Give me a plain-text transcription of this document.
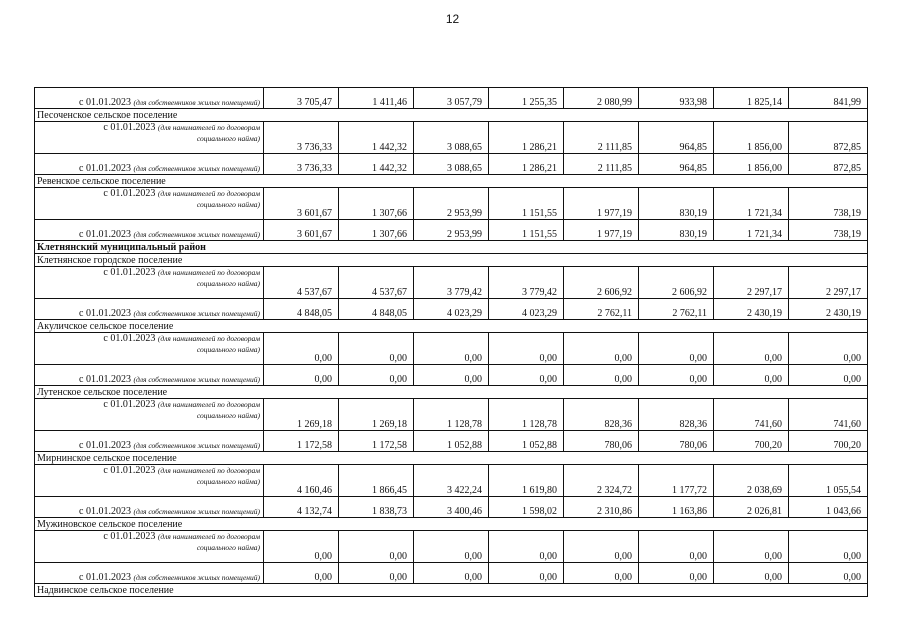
12
с 01.01.2023 (для собственников жилых помещений)	3 705,47	1 411,46	3 057,79	1 255,35	2 080,99	933,98	1 825,14	841,99
Песоченское сельское поселение								

с 01.01.2023 (для нанимателей по договорам
социального найма)	3 736,33	1 442,32	3 088,65	1 286,21	2 111,85	964,85	1 856,00	872,85
с 01.01.2023 (для собственников жилых помещений)	3 736,33	1 442,32	3 088,65	1 286,21	2 111,85	964,85	1 856,00	872,85
Ревенское сельское поселение								

с 01.01.2023 (для нанимателей по договорам
социального найма)	3 601,67	1 307,66	2 953,99	1 151,55	1 977,19	830,19	1 721,34	738,19
с 01.01.2023 (для собственников жилых помещений)	3 601,67	1 307,66	2 953,99	1 151,55	1 977,19	830,19	1 721,34	738,19
Клетнянский муниципальный район								
Клетнянское городское поселение								

с 01.01.2023 (для нанимателей по договорам
социального найма)	4 537,67	4 537,67	3 779,42	3 779,42	2 606,92	2 606,92	2 297,17	2 297,17
с 01.01.2023 (для собственников жилых помещений)	4 848,05	4 848,05	4 023,29	4 023,29	2 762,11	2 762,11	2 430,19	2 430,19
Акуличское сельское поселение								

с 01.01.2023 (для нанимателей по договорам
социального найма)	0,00	0,00	0,00	0,00	0,00	0,00	0,00	0,00
с 01.01.2023 (для собственников жилых помещений)	0,00	0,00	0,00	0,00	0,00	0,00	0,00	0,00
Лутенское сельское поселение								

с 01.01.2023 (для нанимателей по договорам
социального найма)	1 269,18	1 269,18	1 128,78	1 128,78	828,36	828,36	741,60	741,60
с 01.01.2023 (для собственников жилых помещений)	1 172,58	1 172,58	1 052,88	1 052,88	780,06	780,06	700,20	700,20
Мирнинское сельское поселение								

с 01.01.2023 (для нанимателей по договорам
социального найма)	4 160,46	1 866,45	3 422,24	1 619,80	2 324,72	1 177,72	2 038,69	1 055,54
с 01.01.2023 (для собственников жилых помещений)	4 132,74	1 838,73	3 400,46	1 598,02	2 310,86	1 163,86	2 026,81	1 043,66
Мужиновское сельское поселение								

с 01.01.2023 (для нанимателей по договорам
социального найма)	0,00	0,00	0,00	0,00	0,00	0,00	0,00	0,00
с 01.01.2023 (для собственников жилых помещений)	0,00	0,00	0,00	0,00	0,00	0,00	0,00	0,00
Надвинское сельское поселение								
